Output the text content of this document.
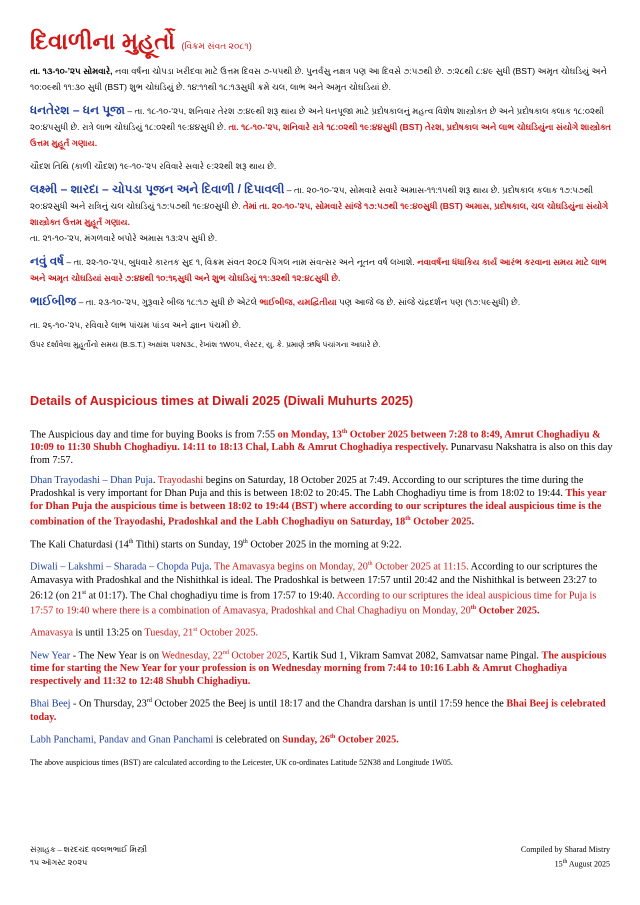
દિવાળીના મુહૂર્તો (વિક્રમ સંવત ૨૦૮૧)

તા. ૧૩-૧૦-’૨૫ સોમવારે, નવા વર્ષના ચોપડા ખરીદવા માટે ઉત્તમ દિવસ ૭-૫૫થી છે. પુનર્વસુ નક્ષત્ર પણ આ દિવસે ૭:૫૭થી છે. ૭:૨૮થી ૮:૪૯ સુધી (BST) અમૃત ચોઘડિયું અને ૧૦:૦૯થી ૧૧:૩૦ સુધી (BST) શુભ ચોઘડિયું છે. ૧૪:૧૧થી ૧૮:૧૩સુધી ક્રમે ચલ, લાભ અને અમૃત ચોઘડિયાં છે.

ધનતેરશ – ધન પૂજા – તા. ૧૮-૧૦-’૨૫, શનિવાર તેરશ ૭:૪૯થી શરૂ થાય છે અને ધનપૂજા માટે પ્રદોષકાલનું મહત્વ વિશેષ શાસ્ત્રોક્ત છે અને પ્રદોષકાલ ક્લાક ૧૮:૦૨થી ૨૦:૪૫સુધી છે. રાત્રે લાભ ચોઘડિયું ૧૮:૦૨થી ૧૯:૪૪સુધી છે. તા. ૧૮-૧૦-’૨૫, શનિવારે રાત્રે ૧૮:૦૨થી ૧૯:૪૪સુધી (BST) તેરશ, પ્રદોષકાલ અને લાભ ચોઘડિયુંના સંયોગે શાસ્ત્રોક્ત ઉત્તમ મુહૂર્ત ગણાય.

ચૌદશ તિથિ (કાળી ચૌદશ) ૧૯-૧૦-’૨૫ રવિવારે સવારે ૯:૨૨થી શરૂ થાય છે.

લક્ષ્મી – શારદા – ચોપડા પૂજન અને દિવાળી / દિપાવલી – તા. ૨૦-૧૦-’૨૫, સોમવારે સવારે અમાસ-૧૧:૧૫થી શરૂ થાય છે. પ્રદોષકાલ કલાક ૧૭:૫૭થી ૨૦:૪૨સુધી અને રાત્રિનું ચલ ચોઘડિયું ૧૭:૫૭થી ૧૯:૪૦સુધી છે. તેમાં તા. ૨૦-૧૦-’૨૫, સોમવારે સાંજે ૧૭:૫૭થી ૧૯:૪૦સુધી (BST) અમાસ, પ્રદોષકાલ, ચલ ચોઘડિયુંના સંયોગે શાસ્ત્રોક્ત ઉત્તમ મુહૂર્ત ગણાય.
તા. ૨૧-૧૦-’૨૫, મંગળવારે બપોરે અમાસ ૧૩:૨૫ સુધી છે.

નવું વર્ષ – તા. ૨૨-૧૦-’૨૫, બુધવારે કારતક સુદ ૧, વિક્રમ સંવત ૨૦૮૨ પિંગલ નામ સંવત્સર અને નૂતન વર્ષ લખાશે. નવાવર્ષના ધંધાકિય કાર્ય આરંભ કરવાના સમય માટે લાભ અને અમૃત ચોઘડિયાં સવારે ૭:૪૪થી ૧૦:૧૬સુધી અને શુભ ચોઘડિયું ૧૧:૩૨થી ૧૨:૪૮સુધી છે.

ભાઈબીજ – તા. ૨૩-૧૦-’૨૫, ગુરૂવારે બીજ ૧૮:૧૭ સુધી છે એટલે ભાઈબીજ, યમદ્વિતીયા પણ આજે જ છે. સાંજે ચંદ્રદર્શન પણ (૧૭:૫૯સુધી) છે.

તા. ૨૬-૧૦-’૨૫, રવિવારે લાભ પાંચમ પાંડવ અને જ્ઞાન પંચમી છે.

ઉપર દર્શાવેલા મુહૂર્તોનો સમય (B.S.T.) અક્ષાંશ ૫૨N૩૮, રેખાંશ ૧W૦૫, લેસ્ટર, યુ. કે. પ્રમાણે ઋષિ પંચાંગના આધારે છે.

Details of Auspicious times at Diwali 2025 (Diwali Muhurts 2025)

The Auspicious day and time for buying Books is from 7:55 on Monday, 13th October 2025 between 7:28 to 8:49, Amrut Choghadiyu & 10:09 to 11:30 Shubh Choghadiyu. 14:11 to 18:13 Chal, Labh & Amrut Choghadiya respectively. Punarvasu Nakshatra is also on this day from 7:57.

Dhan Trayodashi – Dhan Puja. Trayodashi begins on Saturday, 18 October 2025 at 7:49. According to our scriptures the time during the Pradoshkal is very important for Dhan Puja and this is between 18:02 to 20:45. The Labh Choghadiyu time is from 18:02 to 19:44. This year for Dhan Puja the auspicious time is between 18:02 to 19:44 (BST) where according to our scriptures the ideal auspicious time is the combination of the Trayodashi, Pradoshkal and the Labh Choghadiyu on Saturday, 18th October 2025.

The Kali Chaturdasi (14th Tithi) starts on Sunday, 19th October 2025 in the morning at 9:22.

Diwali – Lakshmi – Sharada – Chopda Puja. The Amavasya begins on Monday, 20th October 2025 at 11:15. According to our scriptures the Amavasya with Pradoshkal and the Nishithkal is ideal. The Pradoshkal is between 17:57 until 20:42 and the Nishithkal is between 23:27 to 26:12 (on 21st at 01:17). The Chal choghadiyu time is from 17:57 to 19:40. According to our scriptures the ideal auspicious time for Puja is 17:57 to 19:40 where there is a combination of Amavasya, Pradoshkal and Chal Chaghadiyu on Monday, 20th October 2025.

Amavasya is until 13:25 on Tuesday, 21st October 2025.

New Year - The New Year is on Wednesday, 22nd October 2025, Kartik Sud 1, Vikram Samvat 2082, Samvatsar name Pingal. The auspicious time for starting the New Year for your profession is on Wednesday morning from 7:44 to 10:16 Labh & Amrut Choghadiya respectively and 11:32 to 12:48 Shubh Chighadiyu.

Bhai Beej - On Thursday, 23rd October 2025 the Beej is until 18:17 and the Chandra darshan is until 17:59 hence the Bhai Beej is celebrated today.

Labh Panchami, Pandav and Gnan Panchami is celebrated on Sunday, 26th October 2025.

The above auspicious times (BST) are calculated according to the Leicester, UK co-ordinates Latitude 52N38 and Longitude 1W05.

સંગ્રાહક – શરદચંદ વલ્લભભાઈ મિસ્ત્રી
૧૫ ઑગસ્ટ ૨૦૨૫
Compiled by Sharad Mistry
15th August 2025
